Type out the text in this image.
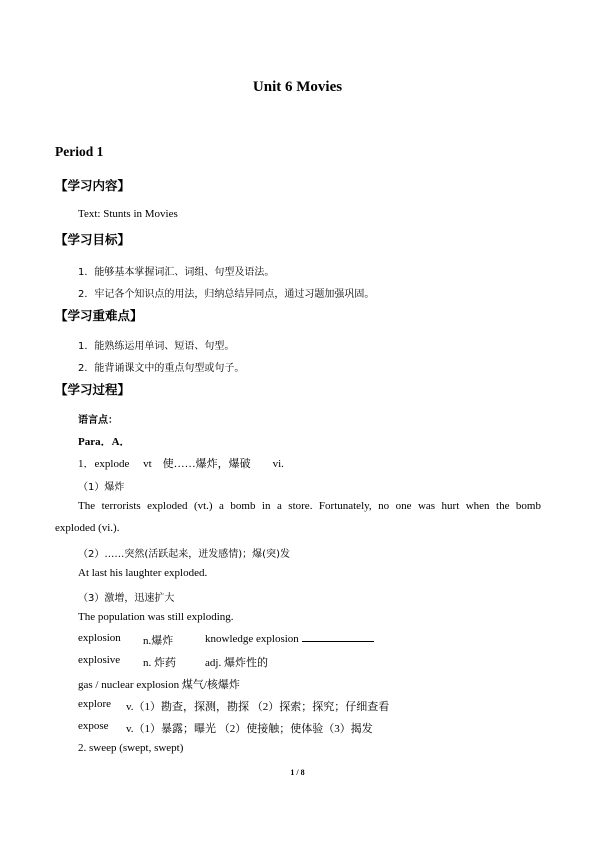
Unit 6 Movies
Period 1
【学习内容】
Text: Stunts in Movies
【学习目标】
1．能够基本掌握词汇、词组、句型及语法。
2．牢记各个知识点的用法，归纳总结异同点，通过习题加强巩固。
【学习重难点】
1．能熟练运用单词、短语、句型。
2．能背诵课文中的重点句型或句子。
【学习过程】
语言点：
Para．A．
1．explode　 vt　使……爆炸，爆破　　vi.
（1）爆炸
The terrorists exploded (vt.) a bomb in a store. Fortunately, no one was hurt when the bomb
exploded (vi.).
（2）……突然(活跃起来，迸发感情)；爆(突)发
At last his laughter exploded.
（3）激增，迅速扩大
The population was still exploding.
explosion n.爆炸	knowledge explosion
explosive n. 炸药	adj. 爆炸性的
gas / nuclear explosion 煤气/核爆炸
explore v.（1）勘查，探测，勘探 （2）探索；探究；仔细查看
expose v.（1）暴露；曝光 （2）使接触；使体验（3）揭发
2. sweep (swept, swept)
1 / 8
